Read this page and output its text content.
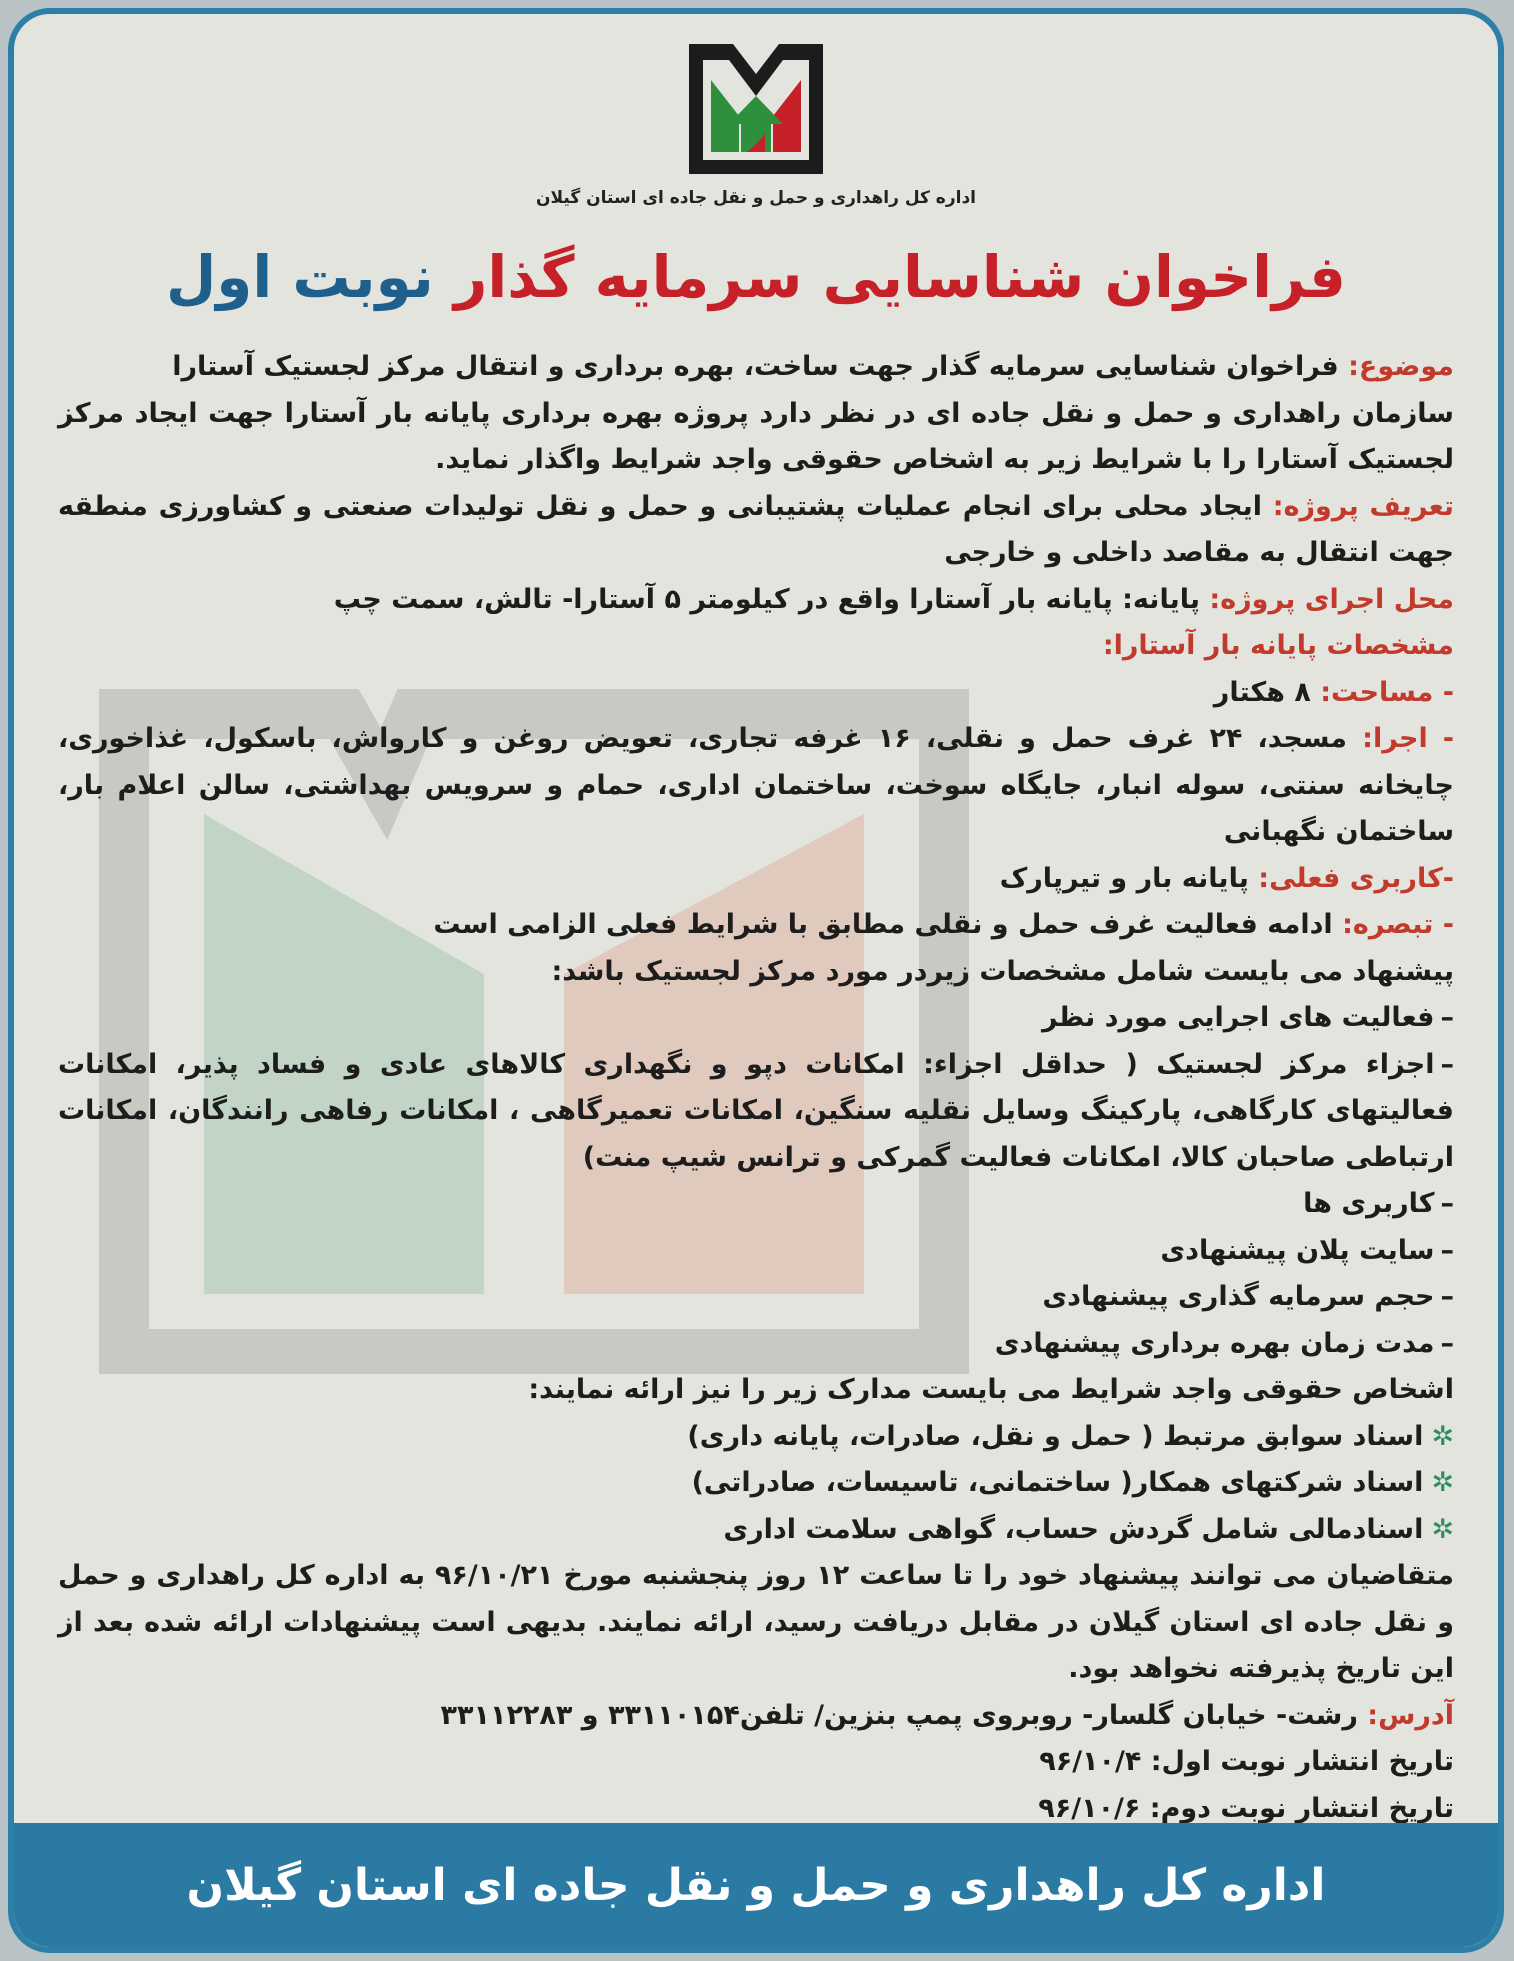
اداره کل راهداری و حمل و نقل جاده ای استان گیلان
فراخوان شناسایی سرمایه گذار نوبت اول

موضوع: فراخوان شناسایی سرمایه گذار جهت ساخت، بهره برداری و انتقال مرکز لجستیک آستارا

سازمان راهداری و حمل و نقل جاده ای در نظر دارد پروژه بهره برداری پایانه بار آستارا جهت ایجاد مرکز لجستیک آستارا را با شرایط زیر به اشخاص حقوقی واجد شرایط واگذار نماید.

تعریف پروژه: ایجاد محلی برای انجام عملیات پشتیبانی و حمل و نقل تولیدات صنعتی و کشاورزی منطقه جهت انتقال به مقاصد داخلی و خارجی

محل اجرای پروژه: پایانه: پایانه بار آستارا واقع در کیلومتر ۵ آستارا- تالش، سمت چپ

مشخصات پایانه بار آستارا:

- مساحت: ۸ هکتار

- اجرا: مسجد، ۲۴ غرف حمل و نقلی، ۱۶ غرفه تجاری، تعویض روغن و کارواش، باسکول، غذاخوری، چایخانه سنتی، سوله انبار، جایگاه سوخت، ساختمان اداری، حمام و سرویس بهداشتی، سالن اعلام بار، ساختمان نگهبانی

-کاربری فعلی: پایانه بار و تیرپارک

- تبصره: ادامه فعالیت غرف حمل و نقلی مطابق با شرایط فعلی الزامی است

پیشنهاد می بایست شامل مشخصات زیردر مورد مرکز لجستیک باشد:

–فعالیت های اجرایی مورد نظر

–اجزاء مرکز لجستیک ( حداقل اجزاء: امکانات دپو و نگهداری کالاهای عادی و فساد پذیر، امکانات فعالیتهای کارگاهی، پارکینگ وسایل نقلیه سنگین، امکانات تعمیرگاهی ، امکانات رفاهی رانندگان، امکانات ارتباطی صاحبان کالا، امکانات فعالیت گمرکی و ترانس شیپ منت)

–کاربری ها

–سایت پلان پیشنهادی

–حجم سرمایه گذاری پیشنهادی

–مدت زمان بهره برداری پیشنهادی

اشخاص حقوقی واجد شرایط می بایست مدارک زیر را نیز ارائه نمایند:

✲اسناد سوابق مرتبط ( حمل و نقل، صادرات، پایانه داری)

✲اسناد شرکتهای همکار( ساختمانی، تاسیسات، صادراتی)

✲اسنادمالی شامل گردش حساب، گواهی سلامت اداری

متقاضیان می توانند پیشنهاد خود را تا ساعت ۱۲ روز پنجشنبه مورخ ۹۶/۱۰/۲۱ به اداره کل راهداری و حمل و نقل جاده ای استان گیلان در مقابل دریافت رسید، ارائه نمایند. بدیهی است پیشنهادات ارائه شده بعد از این تاریخ پذیرفته نخواهد بود.

آدرس: رشت- خیابان گلسار- روبروی پمپ بنزین/ تلفن۳۳۱۱۰۱۵۴ و ۳۳۱۱۲۲۸۳

تاریخ انتشار نوبت اول: ۹۶/۱۰/۴

تاریخ انتشار نوبت دوم: ۹۶/۱۰/۶

اداره کل راهداری و حمل و نقل جاده ای استان گیلان
